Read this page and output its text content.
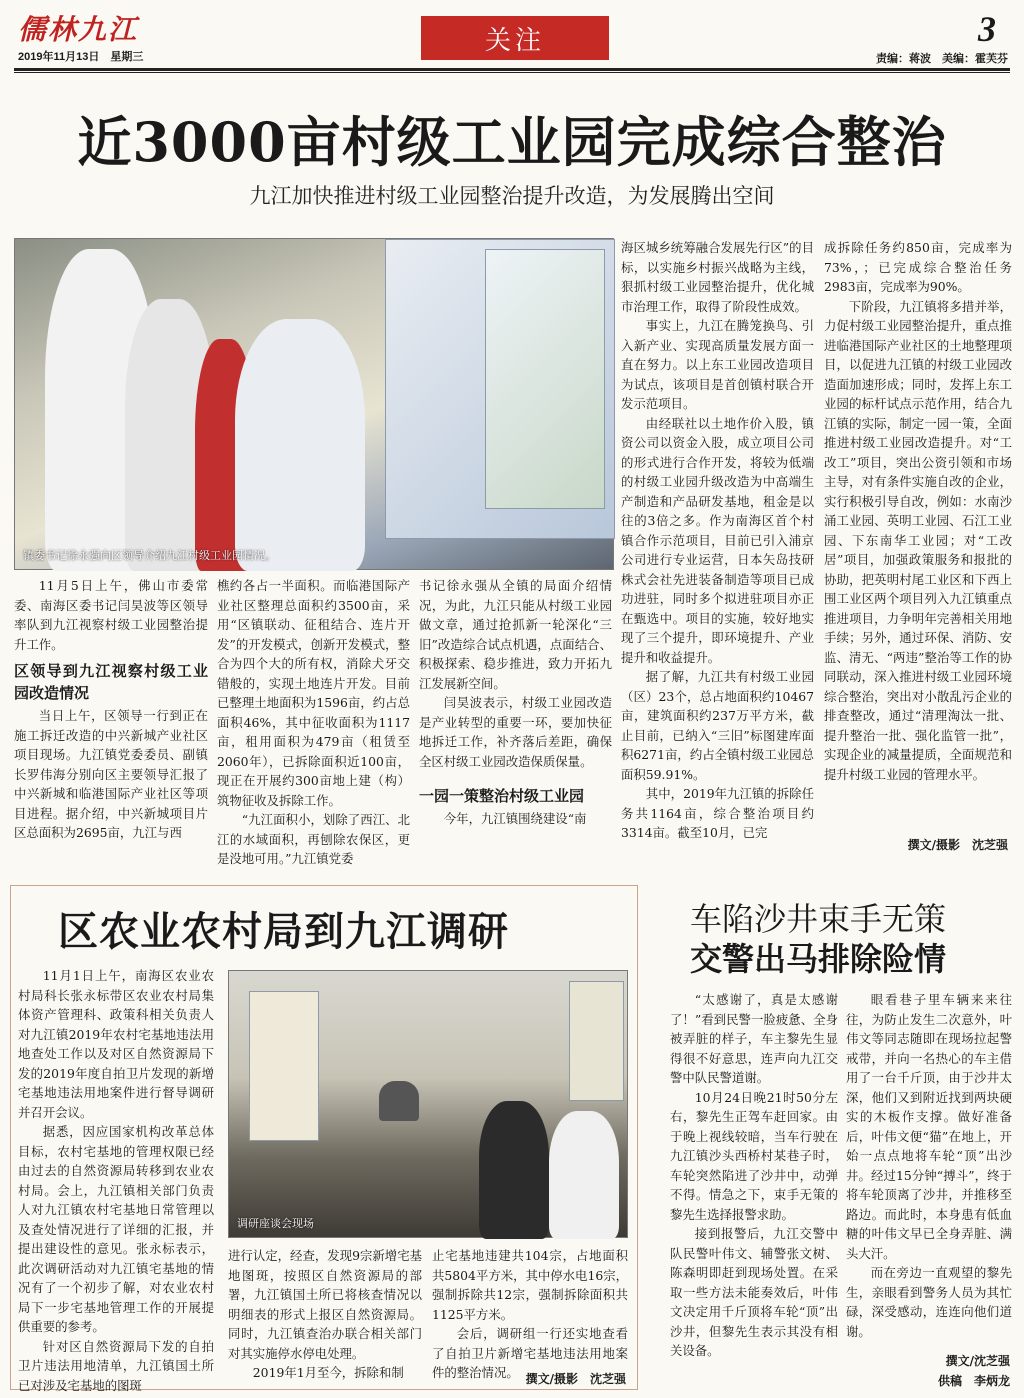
儒林九江
2019年11月13日　星期三
关注	3
责编：蒋波　美编：霍芙芬
近3000亩村级工业园完成综合整治
九江加快推进村级工业园整治提升改造，为发展腾出空间
镇委书记徐永强向区领导介绍九江村级工业园情况。

11月5日上午，佛山市委常委、南海区委书记闫昊波等区领导率队到九江视察村级工业园整治提升工作。

区领导到九江视察村级工业园改造情况

当日上午，区领导一行到正在施工拆迁改造的中兴新城产业社区项目现场。九江镇党委委员、副镇长罗伟海分别向区主要领导汇报了中兴新城和临港国际产业社区等项目进程。据介绍，中兴新城项目片区总面积为2695亩，九江与西

樵约各占一半面积。而临港国际产业社区整理总面积约3500亩，采用“区镇联动、征租结合、连片开发”的开发模式，创新开发模式，整合为四个大的所有权，消除犬牙交错般的，实现土地连片开发。目前已整理土地面积为1596亩，约占总面积46%，其中征收面积为1117亩，租用面积为479亩（租赁至2060年），已拆除面积近100亩，现正在开展约300亩地上建（构）筑物征收及拆除工作。

“九江面积小，划除了西江、北江的水域面积，再刨除农保区，更是没地可用。”九江镇党委

书记徐永强从全镇的局面介绍情况，为此，九江只能从村级工业园做文章，通过抢抓新一轮深化“三旧”改造综合试点机遇，点面结合、积极探索、稳步推进，致力开拓九江发展新空间。

闫昊波表示，村级工业园改造是产业转型的重要一环，要加快征地拆迁工作，补齐落后差距，确保全区村级工业园改造保质保量。

一园一策整治村级工业园

今年，九江镇围绕建设“南

海区城乡统筹融合发展先行区”的目标，以实施乡村振兴战略为主线，狠抓村级工业园整治提升，优化城市治理工作，取得了阶段性成效。

事实上，九江在腾笼换鸟、引入新产业、实现高质量发展方面一直在努力。以上东工业园改造项目为试点，该项目是首创镇村联合开发示范项目。

由经联社以土地作价入股，镇资公司以资金入股，成立项目公司的形式进行合作开发，将较为低端的村级工业园升级改造为中高端生产制造和产品研发基地，租金是以往的3倍之多。作为南海区首个村镇合作示范项目，目前已引入浦京公司进行专业运营，日本矢岛技研株式会社先进装备制造等项目已成功进驻，同时多个拟进驻项目亦正在甄选中。项目的实施，较好地实现了三个提升，即环境提升、产业提升和收益提升。

据了解，九江共有村级工业园（区）23个，总占地面积约10467亩，建筑面积约237万平方米，截止目前，已纳入“三旧”标图建库面积6271亩，约占全镇村级工业园总面积59.91%。

其中，2019年九江镇的拆除任务共1164亩，综合整治项目约3314亩。截至10月，已完

成拆除任务约850亩，完成率为73%，；已完成综合整治任务2983亩，完成率为90%。

下阶段，九江镇将多措并举，力促村级工业园整治提升，重点推进临港国际产业社区的土地整理项目，以促进九江镇的村级工业园改造面加速形成；同时，发挥上东工业园的标杆试点示范作用，结合九江镇的实际，制定一园一策，全面推进村级工业园改造提升。对“工改工”项目，突出公资引领和市场主导，对有条件实施自改的企业，实行积极引导自改，例如：水南沙涌工业园、英明工业园、石江工业园、下东南华工业园；对“工改居”项目，加强政策服务和报批的协助，把英明村尾工业区和下西上围工业区两个项目列入九江镇重点推进项目，力争明年完善相关用地手续；另外，通过环保、消防、安监、清无、“两违”整治等工作的协同联动，深入推进村级工业园环境综合整治，突出对小散乱污企业的排查整改，通过“清理淘汰一批、提升整治一批、强化监管一批”，实现企业的减量提质，全面规范和提升村级工业园的管理水平。

撰文/摄影　沈芝强
区农业农村局到九江调研

11月1日上午，南海区农业农村局科长张永标带区农业农村局集体资产管理科、政策科相关负责人对九江镇2019年农村宅基地违法用地查处工作以及对区自然资源局下发的2019年度自拍卫片发现的新增宅基地违法用地案件进行督导调研并召开会议。

据悉，因应国家机构改革总体目标，农村宅基地的管理权限已经由过去的自然资源局转移到农业农村局。会上，九江镇相关部门负责人对九江镇农村宅基地日常管理以及查处情况进行了详细的汇报，并提出建设性的意见。张永标表示，此次调研活动对九江镇宅基地的情况有了一个初步了解，对农业农村局下一步宅基地管理工作的开展提供重要的参考。

针对区自然资源局下发的自拍卫片违法用地清单，九江镇国土所已对涉及宅基地的图斑

调研座谈会现场

进行认定，经查，发现9宗新增宅基地图斑，按照区自然资源局的部署，九江镇国土所已将核查情况以明细表的形式上报区自然资源局。同时，九江镇查治办联合相关部门对其实施停水停电处理。

2019年1月至今，拆除和制

止宅基地违建共104宗，占地面积共5804平方米，其中停水电16宗，强制拆除共12宗，强制拆除面积共1125平方米。

会后，调研组一行还实地查看了自拍卫片新增宅基地违法用地案件的整治情况。 撰文/摄影　沈芝强
车陷沙井束手无策
交警出马排除险情

“太感谢了，真是太感谢了！”看到民警一脸疲惫、全身被弄脏的样子，车主黎先生显得很不好意思，连声向九江交警中队民警道谢。

10月24日晚21时50分左右，黎先生正驾车赶回家。由于晚上视线较暗，当车行驶在九江镇沙头西桥村某巷子时，车轮突然陷进了沙井中，动弹不得。情急之下，束手无策的黎先生选择报警求助。

接到报警后，九江交警中队民警叶伟文、辅警张文树、陈森明即赶到现场处置。在采取一些方法未能奏效后，叶伟文决定用千斤顶将车轮“顶”出沙井，但黎先生表示其没有相关设备。

眼看巷子里车辆来来往往，为防止发生二次意外，叶伟文等同志随即在现场拉起警戒带，并向一名热心的车主借用了一台千斤顶，由于沙井太深，他们又到附近找到两块硬实的木板作支撑。做好准备后，叶伟文便“猫”在地上，开始一点点地将车轮“顶”出沙井。经过15分钟“搏斗”，终于将车轮顶离了沙井，并推移至路边。而此时，本身患有低血糖的叶伟文早已全身弄脏、满头大汗。

而在旁边一直观望的黎先生，亲眼看到警务人员为其忙碌，深受感动，连连向他们道谢。

撰文/沈芝强
供稿　李炳龙
